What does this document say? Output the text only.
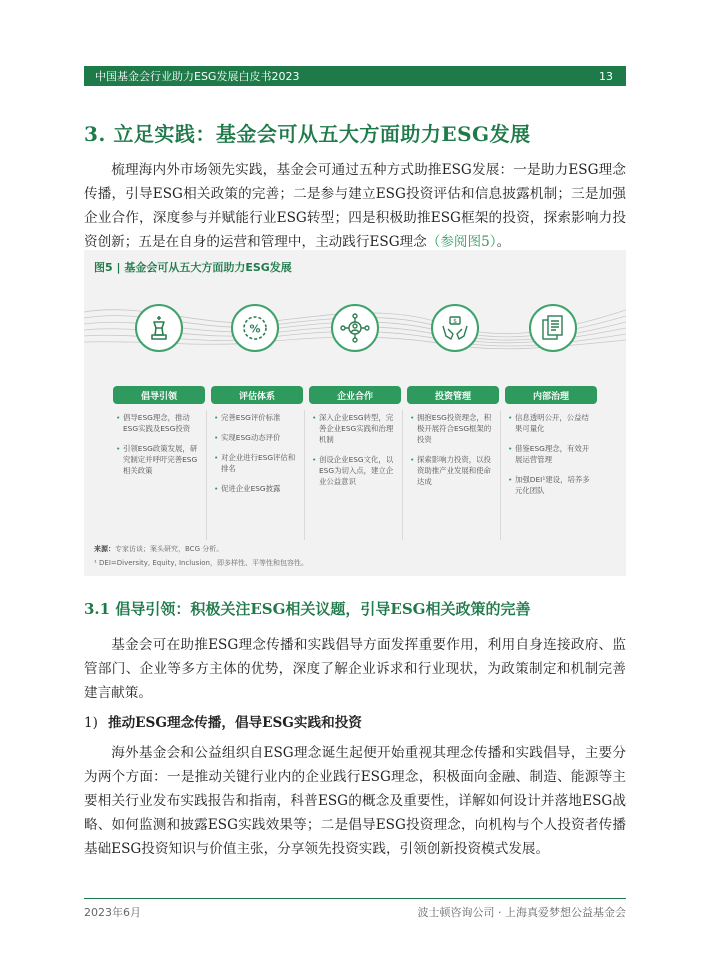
中国基金会行业助力ESG发展白皮书2023	13
3. 立足实践：基金会可从五大方面助力ESG发展
梳理海内外市场领先实践，基金会可通过五种方式助推ESG发展：一是助力ESG理念传播，引导ESG相关政策的完善；二是参与建立ESG投资评估和信息披露机制；三是加强企业合作，深度参与并赋能行业ESG转型；四是积极助推ESG框架的投资，探索影响力投资创新；五是在自身的运营和管理中，主动践行ESG理念（参阅图5）。
图5 | 基金会可从五大方面助力ESG发展
%
$
倡导引领	评估体系	企业合作	投资管理	内部治理
• 倡导ESG理念，推动ESG实践及ESG投资
• 引领ESG政策发展，研究制定并呼吁完善ESG相关政策
• 完善ESG评价标准
• 实现ESG动态评价
• 对企业进行ESG评估和排名
• 促进企业ESG披露
• 深入企业ESG转型，完善企业ESG实践和治理机制
• 创设企业ESG文化，以ESG为切入点，建立企业公益意识
• 拥抱ESG投资理念，积极开展符合ESG框架的投资
• 探索影响力投资，以投资助推产业发展和使命达成
• 信息透明公开，公益结果可量化
• 借鉴ESG理念，有效开展运营管理
• 加强DEI¹建设，培养多元化团队
来源：专家访谈；案头研究，BCG 分析。
¹ DEI=Diversity, Equity, Inclusion，即多样性、平等性和包容性。
3.1 倡导引领：积极关注ESG相关议题，引导ESG相关政策的完善
基金会可在助推ESG理念传播和实践倡导方面发挥重要作用，利用自身连接政府、监管部门、企业等多方主体的优势，深度了解企业诉求和行业现状，为政策制定和机制完善建言献策。
1) 推动ESG理念传播，倡导ESG实践和投资
海外基金会和公益组织自ESG理念诞生起便开始重视其理念传播和实践倡导，主要分为两个方面：一是推动关键行业内的企业践行ESG理念，积极面向金融、制造、能源等主要相关行业发布实践报告和指南，科普ESG的概念及重要性，详解如何设计并落地ESG战略、如何监测和披露ESG实践效果等；二是倡导ESG投资理念，向机构与个人投资者传播基础ESG投资知识与价值主张，分享领先投资实践，引领创新投资模式发展。
2023年6月	波士顿咨询公司 · 上海真爱梦想公益基金会
